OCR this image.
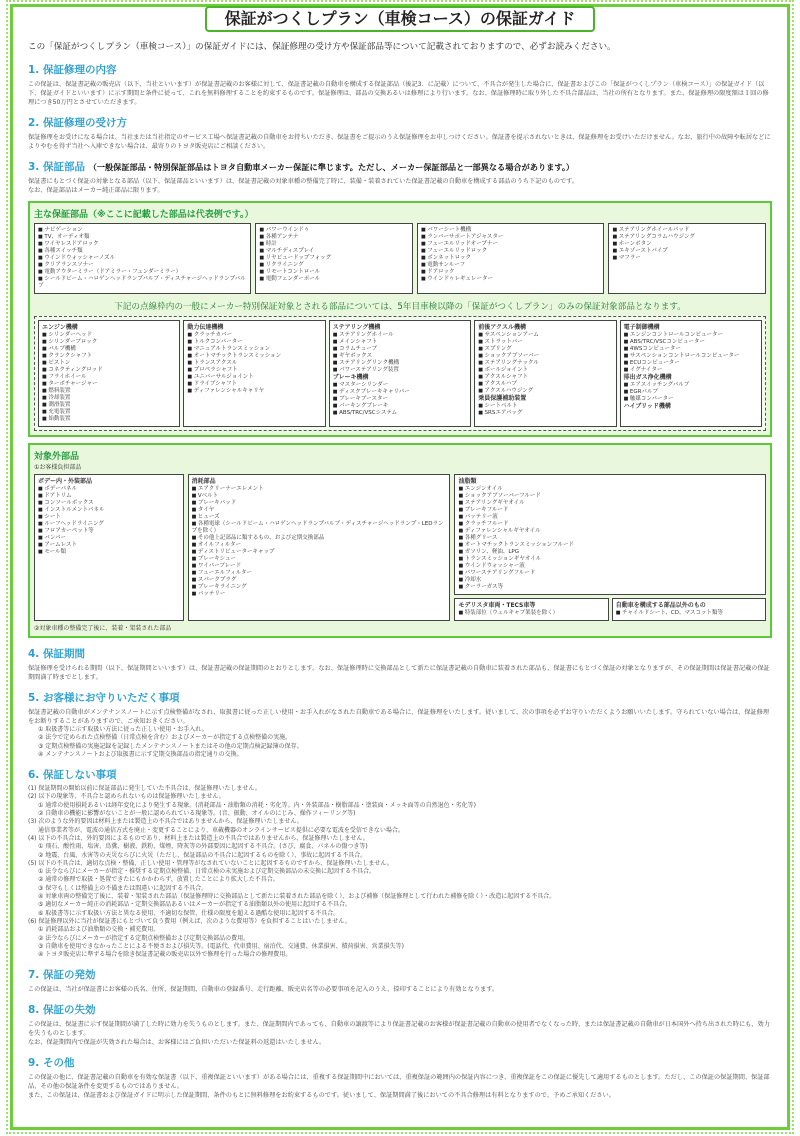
保証がつくしプラン（車検コース）の保証ガイド
この「保証がつくしプラン（車検コース）」の保証ガイドには、保証修理の受け方や保証部品等について記載されておりますので、必ずお読みください。
1. 保証修理の内容
この保証は、保証書記載の販売店（以下、当社といいます）が保証書記載のお客様に対して、保証書記載の自動車を構成する保証部品（後記3．に記載）について、不具合が発生した場合に、保証書およびこの「保証がつくしプラン（車検コース）」の保証ガイド（以下、保証ガイドといいます）に示す期間と条件に従って、これを無料修理することを約束するものです。保証修理は、部品の交換あるいは修理により行います。なお、保証修理時に取り外した不具合部品は、当社の所有となります。また、保証修理の限度額は１回の修理につき50万円とさせていただきます。
2. 保証修理の受け方
保証修理をお受けになる場合は、当社または当社指定のサービス工場へ保証書記載の自動車をお持ちいただき、保証書をご提示のうえ保証修理をお申しつけください。保証書を提示されないときは、保証修理をお受けいただけません。なお、旅行中の故障や転居などによりやむを得ず当社へ入庫できない場合は、最寄りのトヨタ販売店にご相談ください。
3. 保証部品 （一般保証部品・特別保証部品はトヨタ自動車メーカー保証に準じます。ただし、メーカー保証部品と一部異なる場合があります。）
保証書にもとづく保証の対象となる部品（以下、保証部品といいます）は、保証書記載の対象車種の整備完了時に、装備・装着されていた保証書記載の自動車を構成する部品のうち下記のものです。
なお、保証部品はメーカー純正部品に限ります。
主な保証部品（※ここに記載した部品は代表例です。）
■ ナビゲーション
■ TV、オーディオ類
■ ワイヤレスドアロック
■ 各種スイッチ類
■ ウインドウォッシャーノズル
■ クリアランスソナー
■ 電動アウターミラー（ドアミラー・フェンダーミラー）
■ シールドビーム・ハロゲンヘッドランプバルブ・ディスチャージヘッドランプバルブ
■ パワーウインドゥ
■ 各種アンテナ
■ 時計
■ マルチディスプレイ
■ リヤビュードップフォッグ
■ リクライニング
■ リモートコントロール
■ 電動フェンダーポール
■ パワーシート機構
■ ランバーサポートアジャスター
■ フューエルリッドオープナー
■ フューエルリッドロック
■ ボンネットロック
■ 電動サンルーフ
■ ドアロック
■ ウインドゥレギュレーター
■ ステアリングホイールパッド
■ ステアリングコラムハウジング
■ ホーンボタン
■ エキゾーストパイプ
■ マフラー
下記の点線枠内の一般にメーカー特別保証対象とされる部品については、5年目車検以降の「保証がつくしプラン」のみの保証対象部品となります。
エンジン機構
■ シリンダーヘッド
■ シリンダーブロック
■ バルブ機構
■ クランクシャフト
■ ピストン
■ コネクティングロッド
■ フライホイール
■ ターボチャージャー
■ 燃料装置
■ 冷却装置
■ 潤滑装置
■ 充電装置
■ 始動装置
動力伝達機構
■ クラッチカバー
■ トルクコンバーター
■ マニュアルトランスミッション
■ オートマチックトランスミッション
■ トランスアクスル
■ プロペラシャフト
■ ユニバーサルジョイント
■ ドライブシャフト
■ ディファレンシャルキャリヤ
ステアリング機構
■ ステアリングホイール
■ メインシャフト
■ コラムチューブ
■ ギヤボックス
■ ステアリングリンク機構
■ パワーステアリング装置
ブレーキ機構
■ マスターシリンダー
■ ディスクブレーキキャリパー
■ ブレーキブースター
■ パーキングブレーキ
■ ABS/TRC/VSCシステム
前後アクスル機構
■ サスペンションアーム
■ ストラットバー
■ スプリング
■ ショックアブソーバー
■ ステアリングナックル
■ ボールジョイント
■ アクスルシャフト
■ アクスルハブ
■ アクスルハウジング
乗員保護補助装置
■ シートベルト
■ SRSエアバッグ
電子制御機構
■ エンジンコントロールコンピューター
■ ABS/TRC/VSCコンピューター
■ 4WSコンピューター
■ サスペンションコントロールコンピューター
■ ECUコンピューター
■ イグナイター
排出ガス浄化機構
■ エアスイッチングバルブ
■ EGRバルブ
■ 触媒コンバーター
ハイブリッド機構
対象外部品
①お客様負担部品
ボデー内・外装部品
■ ボデーパネル
■ ドアトリム
■ コンソールボックス
■ インストルメントパネル
■ シート
■ ルーフヘッドライニング
■ フロアカーペット等
■ バンパー
■ アームレスト
■ モール類
消耗部品
■ エアクリーナーエレメント
■ Vベルト
■ ブレーキパッド
■ タイヤ
■ ヒューズ
■ 各種電球（シールドビーム・ハロゲンヘッドランプバルブ・ディスチャージヘッドランプ・LEDランプを除く）
■ その他上記部品に類するもの、および定期交換部品
■ オイルフィルター
■ ディストリビューターキャップ
■ ブレーキシュー
■ ワイパーブレード
■ フューエルフィルター
■ スパークプラグ
■ ブレーキライニング
■ バッテリー
油脂類
■ エンジンオイル
■ ショックアブソーバーフルード
■ ステアリングギヤオイル
■ ブレーキフルード
■ バッテリー液
■ クラッチフルード
■ ディファレンシャルギヤオイル
■ 各種グリース
■ オートマチックトランスミッションフルード
■ ガソリン、軽油、LPG
■ トランスミッションギヤオイル
■ ウインドウォッシャー液
■ パワーステアリングフルード
■ 冷却水
■ クーラーガス等
モデリスタ車両・TECS車等
■ 特装部位（ウェルキャブ架装を除く）
自動車を構成する部品以外のもの
■ チャイルドシート、CD、マスコット類等
②対象車種の整備完了後に、装着・架装された部品
4. 保証期間
保証修理を受けられる期間（以下、保証期間といいます）は、保証書記載の保証期間のとおりとします。なお、保証修理時に交換部品として新たに保証書記載の自動車に装着された部品も、保証書にもとづく保証の対象となりますが、その保証期間は保証書記載の保証期間満了時までとします。
5. お客様にお守りいただく事項
保証書記載の自動車がメンテナンスノートに示す点検整備がなされ、取扱書に従った正しい使用・お手入れがなされた自動車である場合に、保証修理をいたします。従いまして、次の事項を必ずお守りいただくようお願いいたします。守られていない場合は、保証修理をお断りすることがありますので、ご承知おきください。
① 取扱書等に示す取扱い方法に従った正しい使用・お手入れ。
② 法令で定められた点検整備（日常点検を含む）およびメーカーが指定する点検整備の実施。
③ 定期点検整備の実施記録を記録したメンテナンスノートまたはその他の定期点検記録簿の保存。
④ メンテナンスノートおよび取扱書に示す定期交換部品の指定通りの交換。
6. 保証しない事項
(1) 保証期間の開始以前に保証部品に発生していた不具合は、保証修理いたしません。
(2) 以下の現象等、不具合と認められないものは保証修理いたしません。
① 通常の使用損耗あるいは経年変化により発生する現象。(消耗部品・油脂類の消耗・劣化等。内・外装部品・樹脂部品・塗装面・メッキ面等の自然退色・劣化等)
② 自動車の機能に影響がないことが一般に認められている現象等。(音、振動、オイルのにじみ、操作フィーリング等)
(3) 次のような外的要因は材料上または製造上の不具合ではありませんから、保証修理いたしません。
通信事業者等が、電波の通信方式を廃止・変更することにより、車載機器のオンラインサービス提供に必要な電波を受信できない場合。
(4) 以下の不具合は、外的要因によるものであり、材料上または製造上の不具合ではありませんから、保証修理いたしません。
① 飛石、酸性雨、塩害、鳥糞、樹液、鉄粉、煤煙、降灰等の外部要因に起因する不具合。(さび、腐食、パネルの傷つき等)
② 地震、台風、水害等の天災ならびに火災（ただし、保証部品の不具合に起因するものを除く）、事故に起因する不具合。
(5) 以下の不具合は、適切な点検・整備、正しい使用・管理等がなされていないことに起因するものですから、保証修理いたしません。
① 法令ならびにメーカーが指定・推奨する定期点検整備、日常点検の未実施および定期交換部品の未交換に起因する不具合。
② 通常の修理で取扱・処置できたにもかかわらず、放置したことにより拡大した不具合。
③ 保守もしくは整備上の不備または間違いに起因する不具合。
④ 対象車両の整備完了後に、装着・架装された部品（保証修理時に交換部品として新たに装着された部品を除く）、および補修（保証修理として行われた補修を除く）・改造に起因する不具合。
⑤ 適切なメーカー純正の消耗部品・定期交換部品あるいはメーカーが指定する油脂類以外の使用に起因する不具合。
⑥ 取扱書等に示す取扱い方法と異なる使用、不適切な保管、仕様の限度を超える過酷な使用に起因する不具合。
(6) 保証修理以外に当社が保証書にもとづいて負う費用（例えば、次のような費用等）を負担することはいたしません。
① 消耗部品および油脂類の交換・補充費用。
② 法令ならびにメーカーが指定する定期点検整備および定期交換部品の費用。
③ 自動車を使用できなかったことによる不便さおよび損失等。(電話代、代車費用、宿泊代、交通費、休業損害、積荷損害、営業損失等)
④ トヨタ販売店に準ずる場合を除き保証書記載の販売店以外で修理を行った場合の修理費用。
7. 保証の発効
この保証は、当社が保証書にお客様の氏名、住所、保証期間、自動車の登録番号、走行距離、販売店名等の必要事項を記入のうえ、捺印することにより有効となります。
8. 保証の失効
この保証は、保証書に示す保証期間が満了した時に効力を失うものとします。また、保証期間内であっても、自動車の譲渡等により保証書記載のお客様が保証書記載の自動車の使用者でなくなった時、または保証書記載の自動車が日本国外へ持ち出された時にも、効力を失うものとします。
なお、保証期間内で保証が失効された場合は、お客様にはご負担いただいた保証料の返還はいたしません。
9. その他
この保証の他に、保証書記載の自動車を有効な保証書（以下、重複保証といいます）がある場合には、重複する保証期間中においては、重複保証の範囲内の保証内容につき、重複保証をこの保証に優先して適用するものとします。ただし、この保証の保証期間、保証部品、その他の保証条件を変更するものではありません。
また、この保証は、保証書および保証ガイドに明示した保証期間、条件のもとに無料修理をお約束するものです。従いまして、保証期間満了後においての不具合修理は有料となりますので、予めご承知ください。
